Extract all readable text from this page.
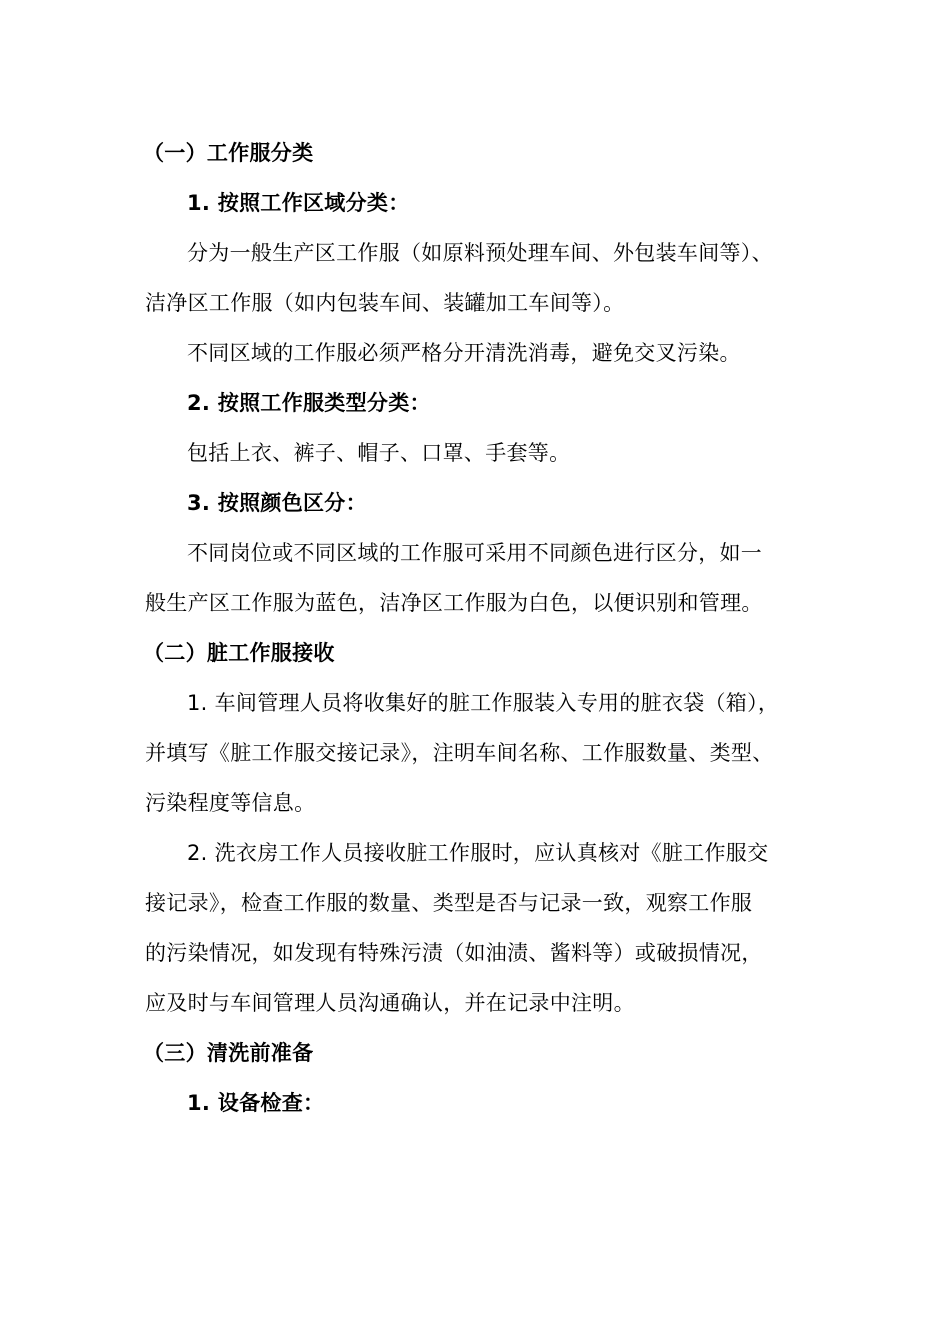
（一）工作服分类
1. 按照工作区域分类：
分为一般生产区工作服（如原料预处理车间、外包装车间等）、
洁净区工作服（如内包装车间、装罐加工车间等）。
不同区域的工作服必须严格分开清洗消毒，避免交叉污染。
2. 按照工作服类型分类：
包括上衣、裤子、帽子、口罩、手套等。
3. 按照颜色区分：
不同岗位或不同区域的工作服可采用不同颜色进行区分，如一
般生产区工作服为蓝色，洁净区工作服为白色，以便识别和管理。
（二）脏工作服接收
1. 车间管理人员将收集好的脏工作服装入专用的脏衣袋（箱），
并填写《脏工作服交接记录》，注明车间名称、工作服数量、类型、
污染程度等信息。
2. 洗衣房工作人员接收脏工作服时，应认真核对《脏工作服交
接记录》，检查工作服的数量、类型是否与记录一致，观察工作服
的污染情况，如发现有特殊污渍（如油渍、酱料等）或破损情况，
应及时与车间管理人员沟通确认，并在记录中注明。
（三）清洗前准备
1. 设备检查：
